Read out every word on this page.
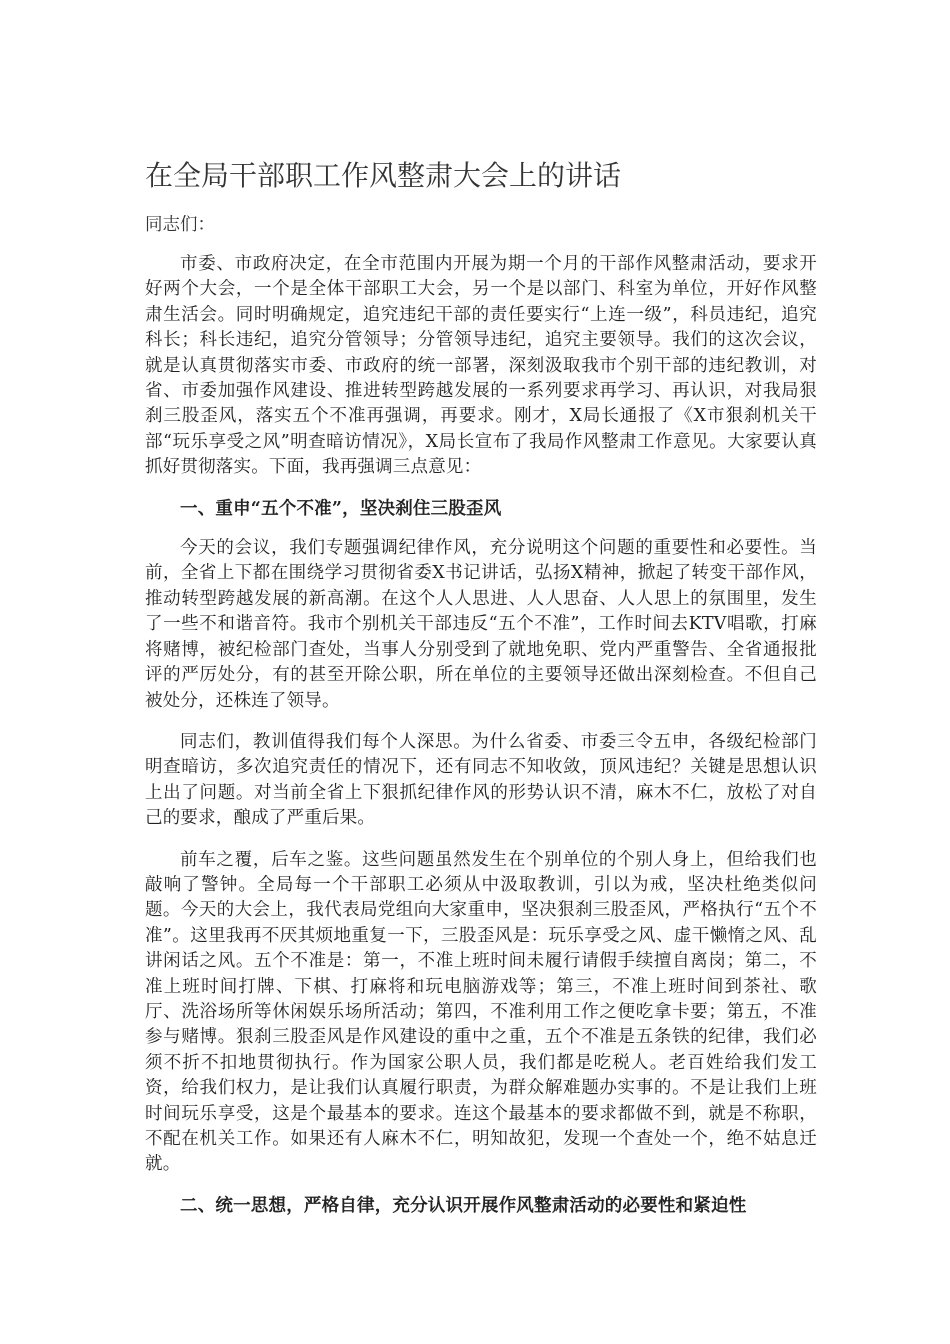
在全局干部职工作风整肃大会上的讲话

同志们：

市委、市政府决定，在全市范围内开展为期一个月的干部作风整肃活动，要求开好两个大会，一个是全体干部职工大会，另一个是以部门、科室为单位，开好作风整肃生活会。同时明确规定，追究违纪干部的责任要实行“上连一级”，科员违纪，追究科长；科长违纪，追究分管领导；分管领导违纪，追究主要领导。我们的这次会议，就是认真贯彻落实市委、市政府的统一部署，深刻汲取我市个别干部的违纪教训，对省、市委加强作风建设、推进转型跨越发展的一系列要求再学习、再认识，对我局狠刹三股歪风，落实五个不准再强调，再要求。刚才，X局长通报了《X市狠刹机关干部“玩乐享受之风”明查暗访情况》，X局长宣布了我局作风整肃工作意见。大家要认真抓好贯彻落实。下面，我再强调三点意见：

一、重申“五个不准”，坚决刹住三股歪风

今天的会议，我们专题强调纪律作风，充分说明这个问题的重要性和必要性。当前，全省上下都在围绕学习贯彻省委X书记讲话，弘扬X精神，掀起了转变干部作风，推动转型跨越发展的新高潮。在这个人人思进、人人思奋、人人思上的氛围里，发生了一些不和谐音符。我市个别机关干部违反“五个不准”，工作时间去KTV唱歌，打麻将赌博，被纪检部门查处，当事人分别受到了就地免职、党内严重警告、全省通报批评的严厉处分，有的甚至开除公职，所在单位的主要领导还做出深刻检查。不但自己被处分，还株连了领导。

同志们，教训值得我们每个人深思。为什么省委、市委三令五申，各级纪检部门明查暗访，多次追究责任的情况下，还有同志不知收敛，顶风违纪？关键是思想认识上出了问题。对当前全省上下狠抓纪律作风的形势认识不清，麻木不仁，放松了对自己的要求，酿成了严重后果。

前车之覆，后车之鉴。这些问题虽然发生在个别单位的个别人身上，但给我们也敲响了警钟。全局每一个干部职工必须从中汲取教训，引以为戒，坚决杜绝类似问题。今天的大会上，我代表局党组向大家重申，坚决狠刹三股歪风，严格执行“五个不准”。这里我再不厌其烦地重复一下，三股歪风是：玩乐享受之风、虚干懒惰之风、乱讲闲话之风。五个不准是：第一，不准上班时间未履行请假手续擅自离岗；第二，不准上班时间打牌、下棋、打麻将和玩电脑游戏等；第三，不准上班时间到茶社、歌厅、洗浴场所等休闲娱乐场所活动；第四，不准利用工作之便吃拿卡要；第五，不准参与赌博。狠刹三股歪风是作风建设的重中之重，五个不准是五条铁的纪律，我们必须不折不扣地贯彻执行。作为国家公职人员，我们都是吃税人。老百姓给我们发工资，给我们权力，是让我们认真履行职责，为群众解难题办实事的。不是让我们上班时间玩乐享受，这是个最基本的要求。连这个最基本的要求都做不到，就是不称职，不配在机关工作。如果还有人麻木不仁，明知故犯，发现一个查处一个，绝不姑息迁就。

二、统一思想，严格自律，充分认识开展作风整肃活动的必要性和紧迫性
